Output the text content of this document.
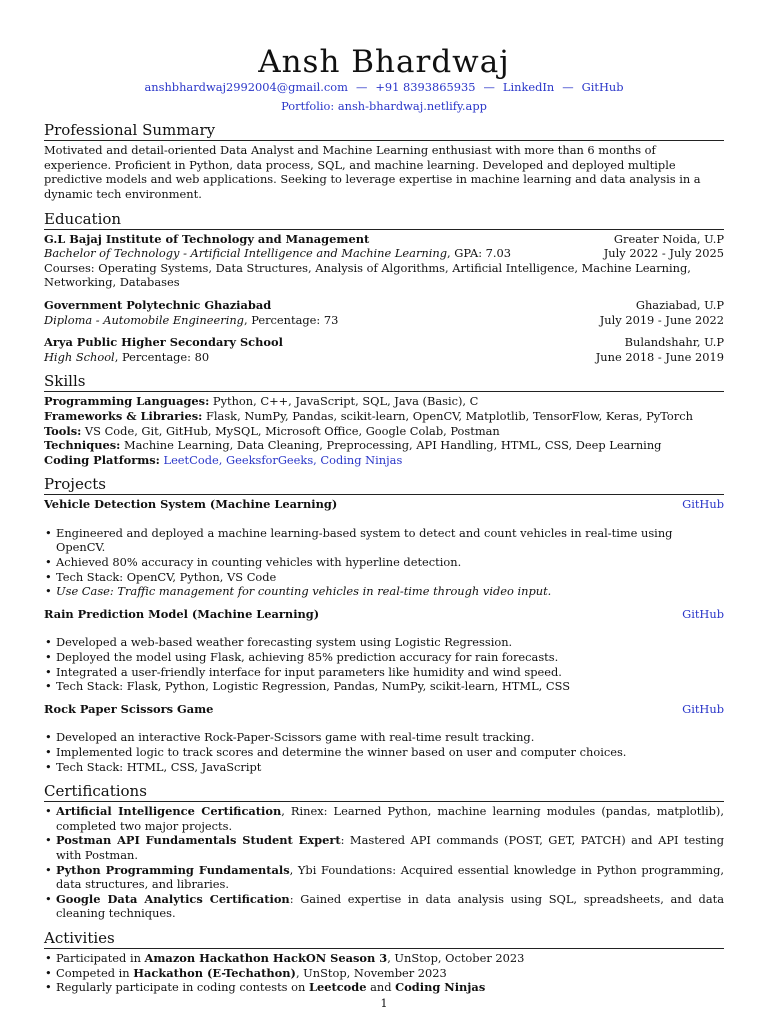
Ansh Bhardwaj
anshbhardwaj2992004@gmail.com — +91 8393865935 — LinkedIn — GitHub
Portfolio: ansh-bhardwaj.netlify.app
Professional Summary

Motivated and detail-oriented Data Analyst and Machine Learning enthusiast with more than 6 months of experience. Proficient in Python, data process, SQL, and machine learning. Developed and deployed multiple predictive models and web applications. Seeking to leverage expertise in machine learning and data analysis in a dynamic tech environment.

Education
G.L Bajaj Institute of Technology and Management	Greater Noida, U.P
Bachelor of Technology - Artificial Intelligence and Machine Learning, GPA: 7.03	July 2022 - July 2025

Courses: Operating Systems, Data Structures, Analysis of Algorithms, Artificial Intelligence, Machine Learning, Networking, Databases

Government Polytechnic Ghaziabad	Ghaziabad, U.P
Diploma - Automobile Engineering, Percentage: 73	July 2019 - June 2022
Arya Public Higher Secondary School	Bulandshahr, U.P
High School, Percentage: 80	June 2018 - June 2019
Skills
Programming Languages: Python, C++, JavaScript, SQL, Java (Basic), C
Frameworks & Libraries: Flask, NumPy, Pandas, scikit-learn, OpenCV, Matplotlib, TensorFlow, Keras, PyTorch
Tools: VS Code, Git, GitHub, MySQL, Microsoft Office, Google Colab, Postman
Techniques: Machine Learning, Data Cleaning, Preprocessing, API Handling, HTML, CSS, Deep Learning
Coding Platforms: LeetCode, GeeksforGeeks, Coding Ninjas
Projects
Vehicle Detection System (Machine Learning)	GitHub
• Engineered and deployed a machine learning-based system to detect and count vehicles in real-time using OpenCV.
• Achieved 80% accuracy in counting vehicles with hyperline detection.
• Tech Stack: OpenCV, Python, VS Code
• Use Case: Traffic management for counting vehicles in real-time through video input.
Rain Prediction Model (Machine Learning)	GitHub
• Developed a web-based weather forecasting system using Logistic Regression.
• Deployed the model using Flask, achieving 85% prediction accuracy for rain forecasts.
• Integrated a user-friendly interface for input parameters like humidity and wind speed.
• Tech Stack: Flask, Python, Logistic Regression, Pandas, NumPy, scikit-learn, HTML, CSS
Rock Paper Scissors Game	GitHub
• Developed an interactive Rock-Paper-Scissors game with real-time result tracking.
• Implemented logic to track scores and determine the winner based on user and computer choices.
• Tech Stack: HTML, CSS, JavaScript
Certifications
• Artificial Intelligence Certification, Rinex: Learned Python, machine learning modules (pandas, matplotlib), completed two major projects.
• Postman API Fundamentals Student Expert: Mastered API commands (POST, GET, PATCH) and API testing with Postman.
• Python Programming Fundamentals, Ybi Foundations: Acquired essential knowledge in Python programming, data structures, and libraries.
• Google Data Analytics Certification: Gained expertise in data analysis using SQL, spreadsheets, and data cleaning techniques.
Activities
• Participated in Amazon Hackathon HackON Season 3, UnStop, October 2023
• Competed in Hackathon (E-Techathon), UnStop, November 2023
• Regularly participate in coding contests on Leetcode and Coding Ninjas
1
